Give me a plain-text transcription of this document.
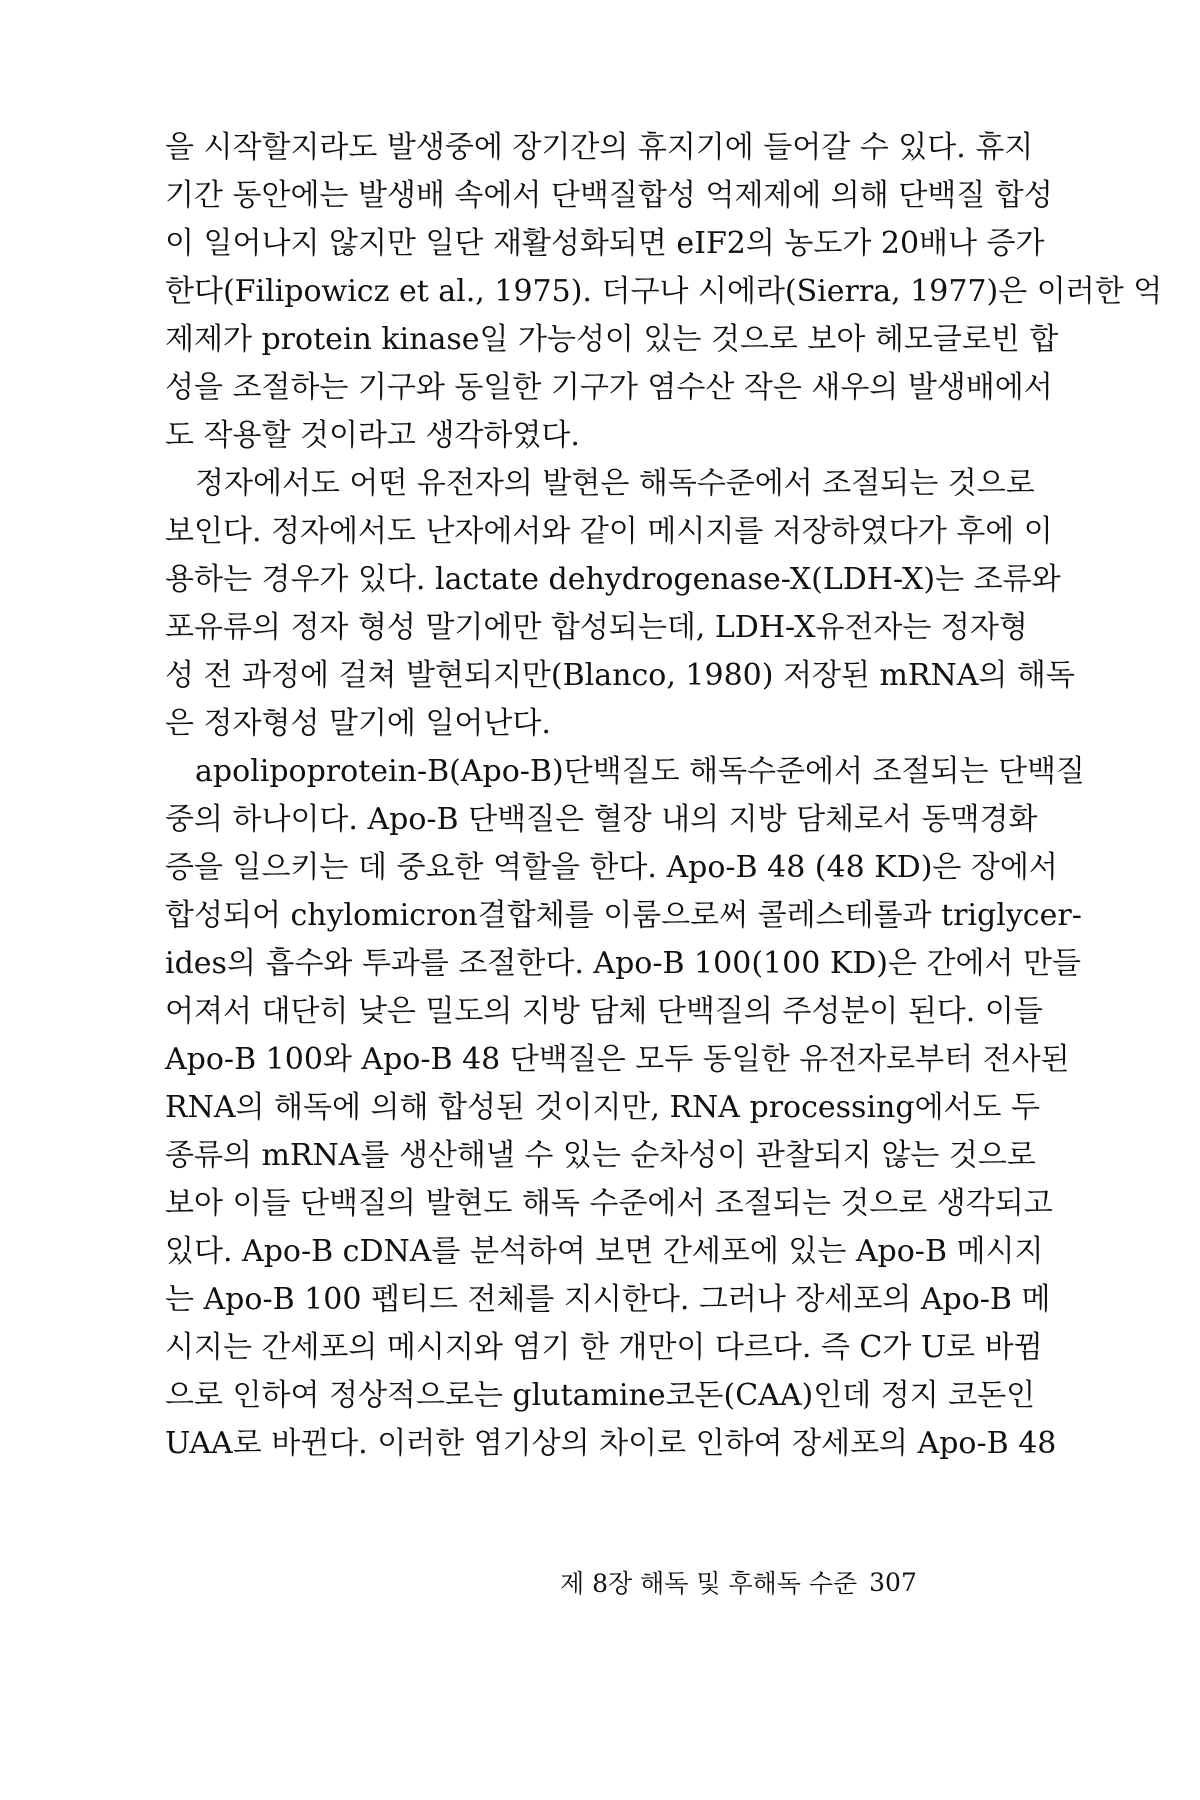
을 시작할지라도 발생중에 장기간의 휴지기에 들어갈 수 있다. 휴지
기간 동안에는 발생배 속에서 단백질합성 억제제에 의해 단백질 합성
이 일어나지 않지만 일단 재활성화되면 eIF2의 농도가 20배나 증가
한다(Filipowicz et al., 1975). 더구나 시에라(Sierra, 1977)은 이러한 억
제제가 protein kinase일 가능성이 있는 것으로 보아 헤모글로빈 합
성을 조절하는 기구와 동일한 기구가 염수산 작은 새우의 발생배에서
도 작용할 것이라고 생각하였다.
정자에서도 어떤 유전자의 발현은 해독수준에서 조절되는 것으로
보인다. 정자에서도 난자에서와 같이 메시지를 저장하였다가 후에 이
용하는 경우가 있다. lactate dehydrogenase-X(LDH-X)는 조류와
포유류의 정자 형성 말기에만 합성되는데, LDH-X유전자는 정자형
성 전 과정에 걸쳐 발현되지만(Blanco, 1980) 저장된 mRNA의 해독
은 정자형성 말기에 일어난다.
apolipoprotein-B(Apo-B)단백질도 해독수준에서 조절되는 단백질
중의 하나이다. Apo-B 단백질은 혈장 내의 지방 담체로서 동맥경화
증을 일으키는 데 중요한 역할을 한다. Apo-B 48 (48 KD)은 장에서
합성되어 chylomicron결합체를 이룸으로써 콜레스테롤과 triglycer-
ides의 흡수와 투과를 조절한다. Apo-B 100(100 KD)은 간에서 만들
어져서 대단히 낮은 밀도의 지방 담체 단백질의 주성분이 된다. 이들
Apo-B 100와 Apo-B 48 단백질은 모두 동일한 유전자로부터 전사된
RNA의 해독에 의해 합성된 것이지만, RNA processing에서도 두
종류의 mRNA를 생산해낼 수 있는 순차성이 관찰되지 않는 것으로
보아 이들 단백질의 발현도 해독 수준에서 조절되는 것으로 생각되고
있다. Apo-B cDNA를 분석하여 보면 간세포에 있는 Apo-B 메시지
는 Apo-B 100 펩티드 전체를 지시한다. 그러나 장세포의 Apo-B 메
시지는 간세포의 메시지와 염기 한 개만이 다르다. 즉 C가 U로 바뀜
으로 인하여 정상적으로는 glutamine코돈(CAA)인데 정지 코돈인
UAA로 바뀐다. 이러한 염기상의 차이로 인하여 장세포의 Apo-B 48
제 8장 해독 및 후해독 수준 307
